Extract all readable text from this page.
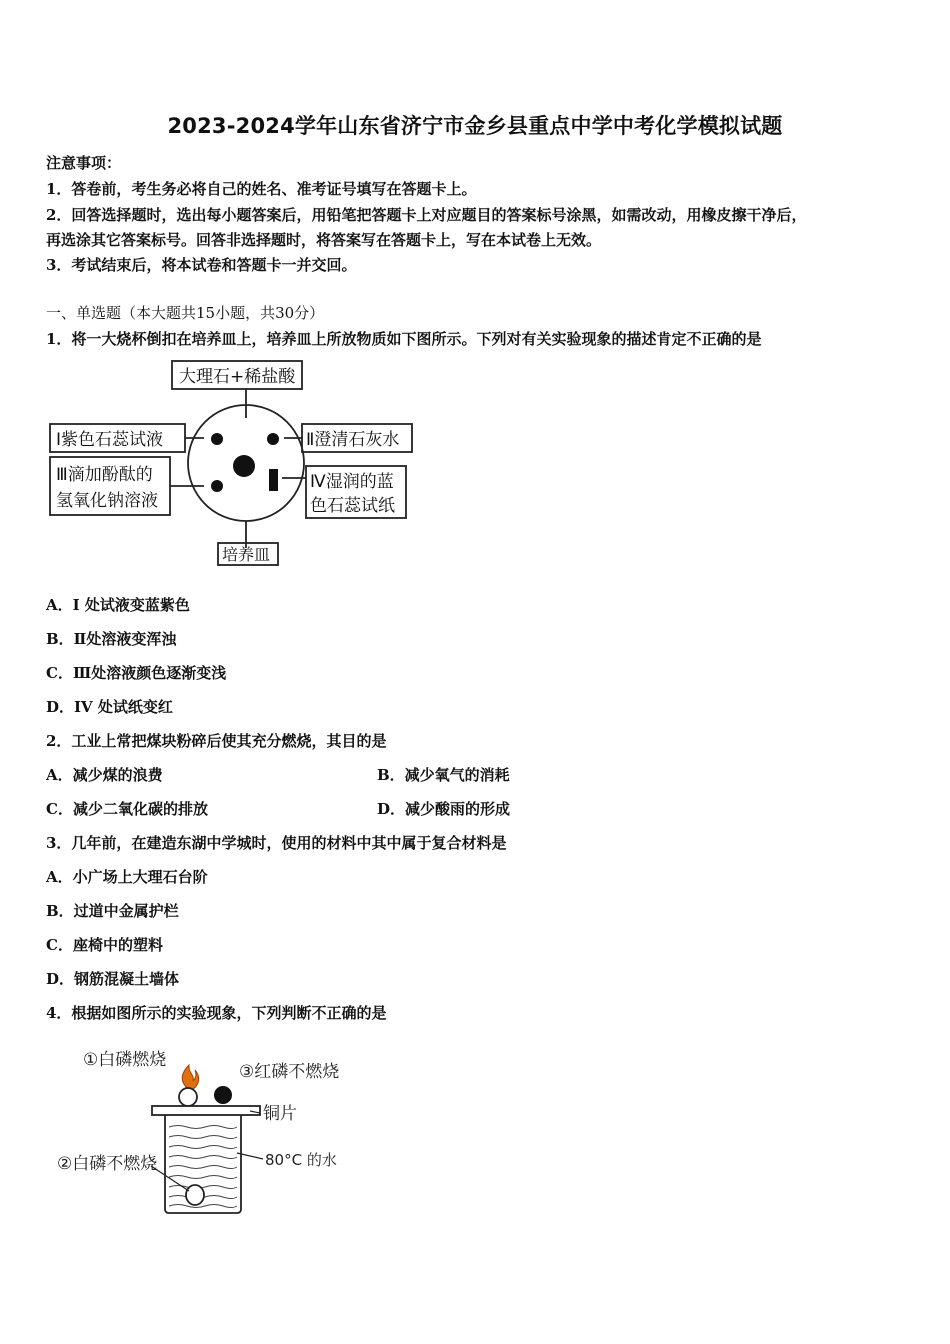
2023-2024学年山东省济宁市金乡县重点中学中考化学模拟试题
注意事项：
1．答卷前，考生务必将自己的姓名、准考证号填写在答题卡上。
2．回答选择题时，选出每小题答案后，用铅笔把答题卡上对应题目的答案标号涂黑，如需改动，用橡皮擦干净后，
再选涂其它答案标号。回答非选择题时，将答案写在答题卡上，写在本试卷上无效。
3．考试结束后，将本试卷和答题卡一并交回。
一、单选题（本大题共15小题，共30分）
1．将一大烧杯倒扣在培养皿上，培养皿上所放物质如下图所示。下列对有关实验现象的描述肯定不正确的是
大理石+稀盐酸
Ⅰ紫色石蕊试液
Ⅲ滴加酚酞的
氢氧化钠溶液
Ⅱ澄清石灰水
Ⅳ湿润的蓝
色石蕊试纸
培养皿
A．I 处试液变蓝紫色
B．Ⅱ处溶液变浑浊
C．Ⅲ处溶液颜色逐渐变浅
D．IV 处试纸变红
2．工业上常把煤块粉碎后使其充分燃烧，其目的是
A．减少煤的浪费	B．减少氧气的消耗
C．减少二氧化碳的排放	D．减少酸雨的形成
3．几年前，在建造东湖中学城时，使用的材料中其中属于复合材料是
A．小广场上大理石台阶
B．过道中金属护栏
C．座椅中的塑料
D．钢筋混凝土墙体
4．根据如图所示的实验现象，下列判断不正确的是
①白磷燃烧
③红磷不燃烧
铜片
②白磷不燃烧	80°C 的水
